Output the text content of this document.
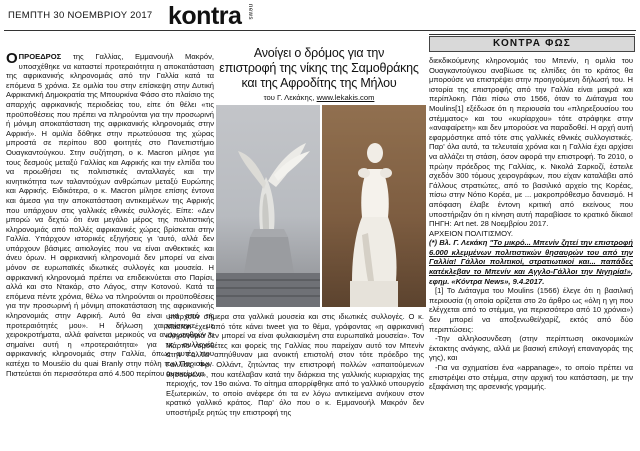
ΠΕΜΠΤΗ 30 ΝΟΕΜΒΡΙΟΥ 2017 kontra news
ΚΟΝΤΡΑ ΦΩΣ
Ανοίγει ο δρόμος για την
επιστροφή της νίκης της Σαμοθράκης
και της Αφροδίτης της Μήλου
του Γ. Λεκάκης, www.lekakis.com

ΟΠΡΟΕΔΡΟΣ της Γαλλίας, Εμμανουήλ Μακρόν, υποσχέθηκε να καταστεί προτεραιότητα η αποκατάσταση της αφρικανικής κληρονομιάς από την Γαλλία κατά τα επόμενα 5 χρόνια. Σε ομιλία του στην επίσκεψη στην Δυτική Αφρικανική Δημοκρατία της Μπουρκίνα Φάσο στο πλαίσιο της απαρχής αφρικανικής περιοδείας του, είπε ότι θέλει «τις προϋποθέσεις που πρέπει να πληρούνται για την προσωρινή ή μόνιμη αποκατάσταση της αφρικανικής κληρονομιάς στην Αφρική». Η ομιλία δόθηκε στην πρωτεύουσα της χώρας μπροστά σε περίπου 800 φοιτητές στο Πανεπιστήμιο Ουαγκαντούγκου. Στην συζήτηση, ο κ. Macron μίλησε για τους δεσμούς μεταξύ Γαλλίας και Αφρικής και την ελπίδα του να προωθήσει τις πολιτιστικές ανταλλαγές και την κινητικότητα των ταλαντούχων ανθρώπων μεταξύ Ευρώπης και Αφρικής. Ειδικότερα, ο κ. Macron μίλησε επίσης έντονα και άμεσα για την αποκατάσταση αντικειμένων της Αφρικής που υπάρχουν στις γαλλικές εθνικές συλλογές. Είπε: «Δεν μπορώ να δεχτώ ότι ένα μεγάλο μέρος της πολιτιστικής κληρονομιάς από πολλές αφρικανικές χώρες βρίσκεται στην Γαλλία. Υπάρχουν ιστορικές εξηγήσεις γι 'αυτό, αλλά δεν υπάρχουν βάσιμες αιτιολογίες που να είναι ανθεκτικές και άνευ όρων. Η αφρικανική κληρονομιά δεν μπορεί να είναι μόνον σε ευρωπαϊκές ιδιωτικές συλλογές και μουσεία. Η αφρικανική κληρονομιά πρέπει να επιδεικνύεται στο Παρίσι, αλλά και στο Ντακάρ, στο Λάγος, στην Κοτονού. Κατά τα επόμενα πέντε χρόνια, θέλω να πληρούνται οι προϋποθέσεις για την προσωρινή ή μόνιμη αποκατάσταση της αφρικανικής κληρονομιάς στην Αφρική. Αυτό θα είναι μια από τις προτεραιότητές μου». Η δήλωση χαιρετίστηκε με χειροκροτήματα, αλλά φαίνεται μερικούς να αναρωτηθούν τι σημαίνει αυτή η «προτεραιότητα» για τις συλλογές αφρικανικής κληρονομιάς στην Γαλλία, όπως αυτές που κατέχει το Mousέio du quai Branly στην πόλη των Παρισίων. Πιστεύεται ότι περισσότερα από 4.500 περίπου αντικείμενα

υπάρχουν σήμερα στα γαλλικά μουσεία και στις ιδιωτικές συλλογές. Ο κ. Macron έχει από τότε κάνει tweet για το θέμα, γράφοντας «η αφρικανική κληρονομιά δεν μπορεί να είναι φυλακισμένη στα ευρωπαϊκά μουσεία». Τον Μάρτιο νομοθέτες και φορείς της Γαλλίας που παρείχαν αυτό τον Μπενίν στην Γαλλία απηύθυναν μια ανοικτή επιστολή στον τότε πρόεδρο της Γαλλίας, Φρ. Ολλάντ, ζητώντας την επιστροφή πολλών «απαιτούμενων θησαυρών», που κατέλαβαν κατά την διάρκεια της γαλλικής κυριαρχίας της περιοχής, τον 19ο αιώνα. Το αίτημα απορρίφθηκε από το γαλλικό υπουργείο Εξωτερικών, το οποίο ανέφερε ότι τα εν λόγω αντικείμενα ανήκουν στον κρατικό γαλλικό κράτος. Παρ' όλο που ο κ. Εμμανουήλ Μακρόν δεν υποστήριξε ρητώς την επιστροφή της

διεκδικούμενης κληρονομιάς του Μπενίν, η ομιλία του Ουαγκαντούγκου αναβίωσε τις ελπίδες ότι το κράτος θα μπορούσε να επιστρέψει στην προηγούμενη δήλωσή του. Η ιστορία της επιστροφής από την Γαλλία είναι μακρά και περίπλοκη. Πάει πίσω στο 1566, όταν το Διάταγμα του Moulins[1] εξέδωσε ότι η περιουσία του «πληρεξουσίου του στέμματος» και του «κυρίαρχου» τότε στράφηκε στην «αναφαίρετη» και δεν μπορούσε να παραδοθεί. Η αρχή αυτή εφαρμόστηκε από τότε στις γαλλικές εθνικές συλλογιστικές. Παρ' όλα αυτά, τα τελευταία χρόνια και η Γαλλία έχει αρχίσει να αλλάζει τη στάση, όσον αφορά την επιστροφή. Το 2010, ο πρώην πρόεδρος της Γαλλίας, κ. Νικολά Σαρκοζί, έστειλε σχεδόν 300 τόμους χειρογράφων, που είχαν καταλάβει από Γάλλους στρατιώτες, από το βασιλικό αρχείο της Κορέας, πίσω στην Νότιο Κορέα, με ... μακροπρόθεσμο δανεισμό. Η απόφαση έλαβε έντονη κριτική από εκείνους που υποστήριζαν ότι η κίνηση αυτή παραβίασε το κρατικό δίκαιο! ΠΗΓΗ: Art net. 28 Νοεμβρίου 2017.

ΑΡΧΕΙΟΝ ΠΟΛΙΤΙΣΜΟΥ.

(*) Βλ. Γ. Λεκάκη "Το μικρό... Μπενίν ζητεί την επιστροφή 6.000 κλεμμένων πολιτιστικών θησαυρών του από την Γαλλία! Γάλλοι πολιτικοί, στρατιωτικοί και... παπάδες κατέκλεβαν το Μπενίν και Αγγλο-Γάλλοι την Νιγηρία!», εφημ. «Κόντρα News», 9.4.2017.

[1] Το Διάταγμα του Moulins (1566) έλεγε ότι η βασιλική περιουσία (η οποία ορίζεται στο 2ο άρθρο ως «όλη η γη που ελέγχεται από το στέμμα, για περισσότερο από 10 χρόνια») δεν μπορεί να αποξενωθεί/χαρίζ, εκτός από δύο περιπτώσεις:

-Την αλληλοσυνδεση (στην περίπτωση οικονομικών έκτακτης ανάγκης, αλλά με βασική επιλογή επαναγοράς της γης), και

-Για να σχηματίσει ένα «appanage», το οποίο πρέπει να επιστρέψει στο στέμμα, στην αρχική του κατάσταση, με την εξαφάνιση της αρσενικής γραμμής.
